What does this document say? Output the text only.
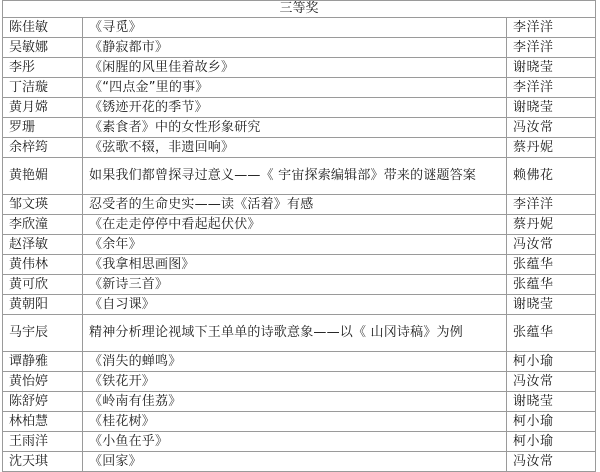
三等奖		
陈佳敏	《寻觅》	李洋洋
吴敏娜	《静寂都市》	李洋洋
李彤	《闲腥的风里佳着故乡》	谢晓莹
丁洁璇	《“四点金”里的事》	李洋洋
黄月嫦	《锈迹开花的季节》	谢晓莹
罗珊	《素食者》中的女性形象研究	冯汝常
余梓筠	《弦歌不辍，非遗回响》	蔡丹妮
黄艳媚	如果我们都曾探寻过意义——《 宇宙探索编辑部》带来的谜题答案	赖佛花
邹文瑛	忍受者的生命史实——读《活着》有感	李洋洋
李欣潼	《在走走停停中看起起伏伏》	蔡丹妮
赵泽敏	《余年》	冯汝常
黄伟林	《我拿相思画图》	张蕴华
黄可欣	《新诗三首》	张蕴华
黄朝阳	《自习课》	谢晓莹
马宇辰	精神分析理论视域下王单单的诗歌意象——以《 山冈诗稿》为例	张蕴华
谭静雅	《消失的蝉鸣》	柯小瑜
黄怡婷	《铁花开》	冯汝常
陈舒婷	《岭南有佳荔》	谢晓莹
林柏慧	《桂花树》	柯小瑜
王雨洋	《小鱼在乎》	柯小瑜
沈天琪	《回家》	冯汝常
